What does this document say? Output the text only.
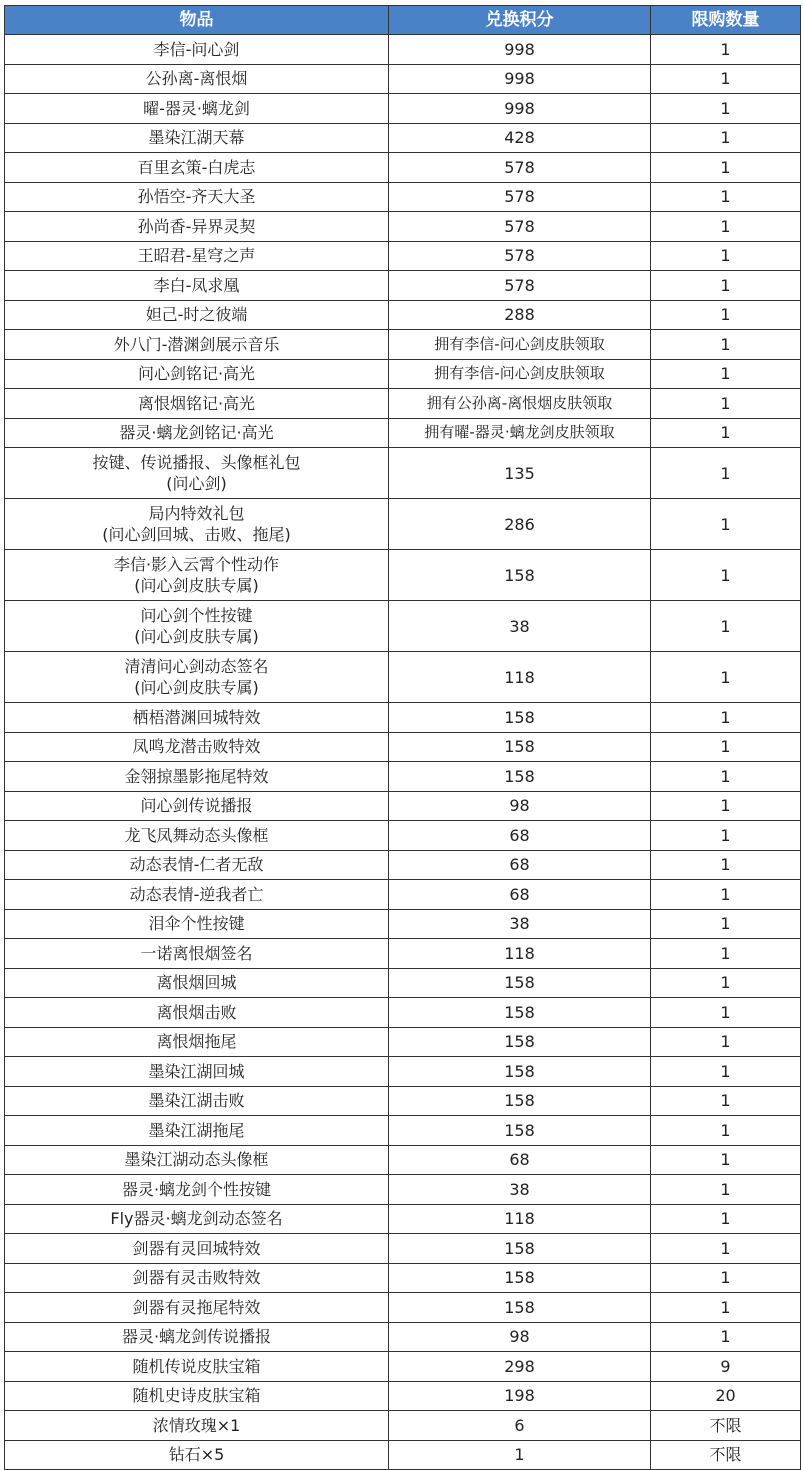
物品	兑换积分	限购数量

李信-问心剑	998	1

公孙离-离恨烟	998	1

曜-器灵·螭龙剑	998	1

墨染江湖天幕	428	1

百里玄策-白虎志	578	1

孙悟空-齐天大圣	578	1

孙尚香-异界灵契	578	1

王昭君-星穹之声	578	1

李白-凤求凰	578	1

妲己-时之彼端	288	1

外八门-潜渊剑展示音乐	拥有李信-问心剑皮肤领取	1

问心剑铭记·高光	拥有李信-问心剑皮肤领取	1

离恨烟铭记·高光	拥有公孙离-离恨烟皮肤领取	1

器灵·螭龙剑铭记·高光	拥有曜-器灵·螭龙剑皮肤领取	1

按键、传说播报、头像框礼包
(问心剑)	135	1

局内特效礼包
(问心剑回城、击败、拖尾)	286	1

李信·影入云霄个性动作
(问心剑皮肤专属)	158	1

问心剑个性按键
(问心剑皮肤专属)	38	1

清清问心剑动态签名
(问心剑皮肤专属)	118	1

栖梧潜渊回城特效	158	1

凤鸣龙潜击败特效	158	1

金翎掠墨影拖尾特效	158	1

问心剑传说播报	98	1

龙飞凤舞动态头像框	68	1

动态表情-仁者无敌	68	1

动态表情-逆我者亡	68	1

泪伞个性按键	38	1

一诺离恨烟签名	118	1

离恨烟回城	158	1

离恨烟击败	158	1

离恨烟拖尾	158	1

墨染江湖回城	158	1

墨染江湖击败	158	1

墨染江湖拖尾	158	1

墨染江湖动态头像框	68	1

器灵·螭龙剑个性按键	38	1

Fly器灵·螭龙剑动态签名	118	1

剑器有灵回城特效	158	1

剑器有灵击败特效	158	1

剑器有灵拖尾特效	158	1

器灵·螭龙剑传说播报	98	1

随机传说皮肤宝箱	298	9

随机史诗皮肤宝箱	198	20

浓情玫瑰×1	6	不限

钻石×5	1	不限
